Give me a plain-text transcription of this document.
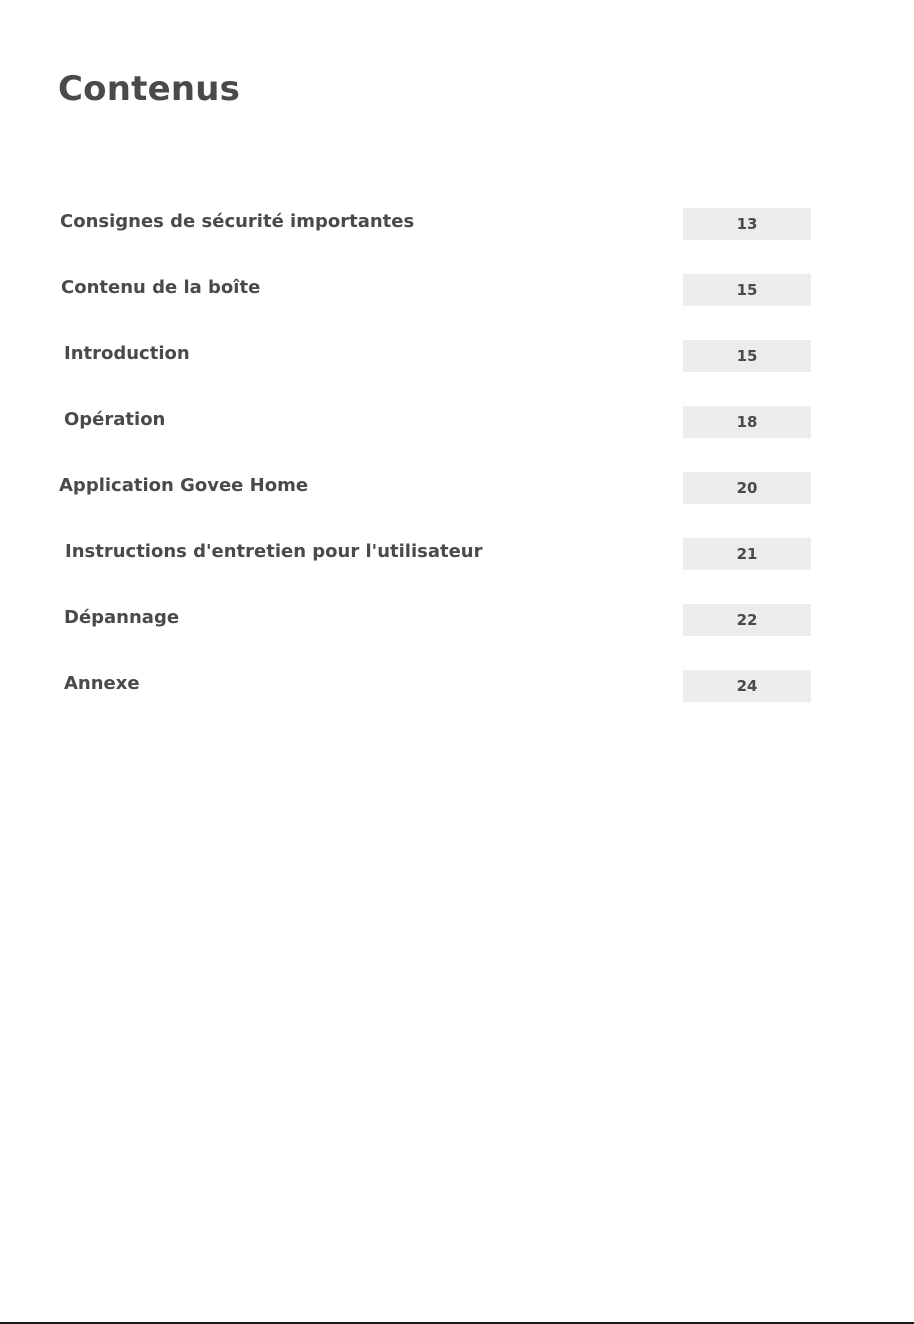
Contenus
Consignes de sécurité importantes	13
Contenu de la boîte	15
Introduction	15
Opération	18
Application Govee Home	20
Instructions d'entretien pour l'utilisateur	21
Dépannage	22
Annexe	24
